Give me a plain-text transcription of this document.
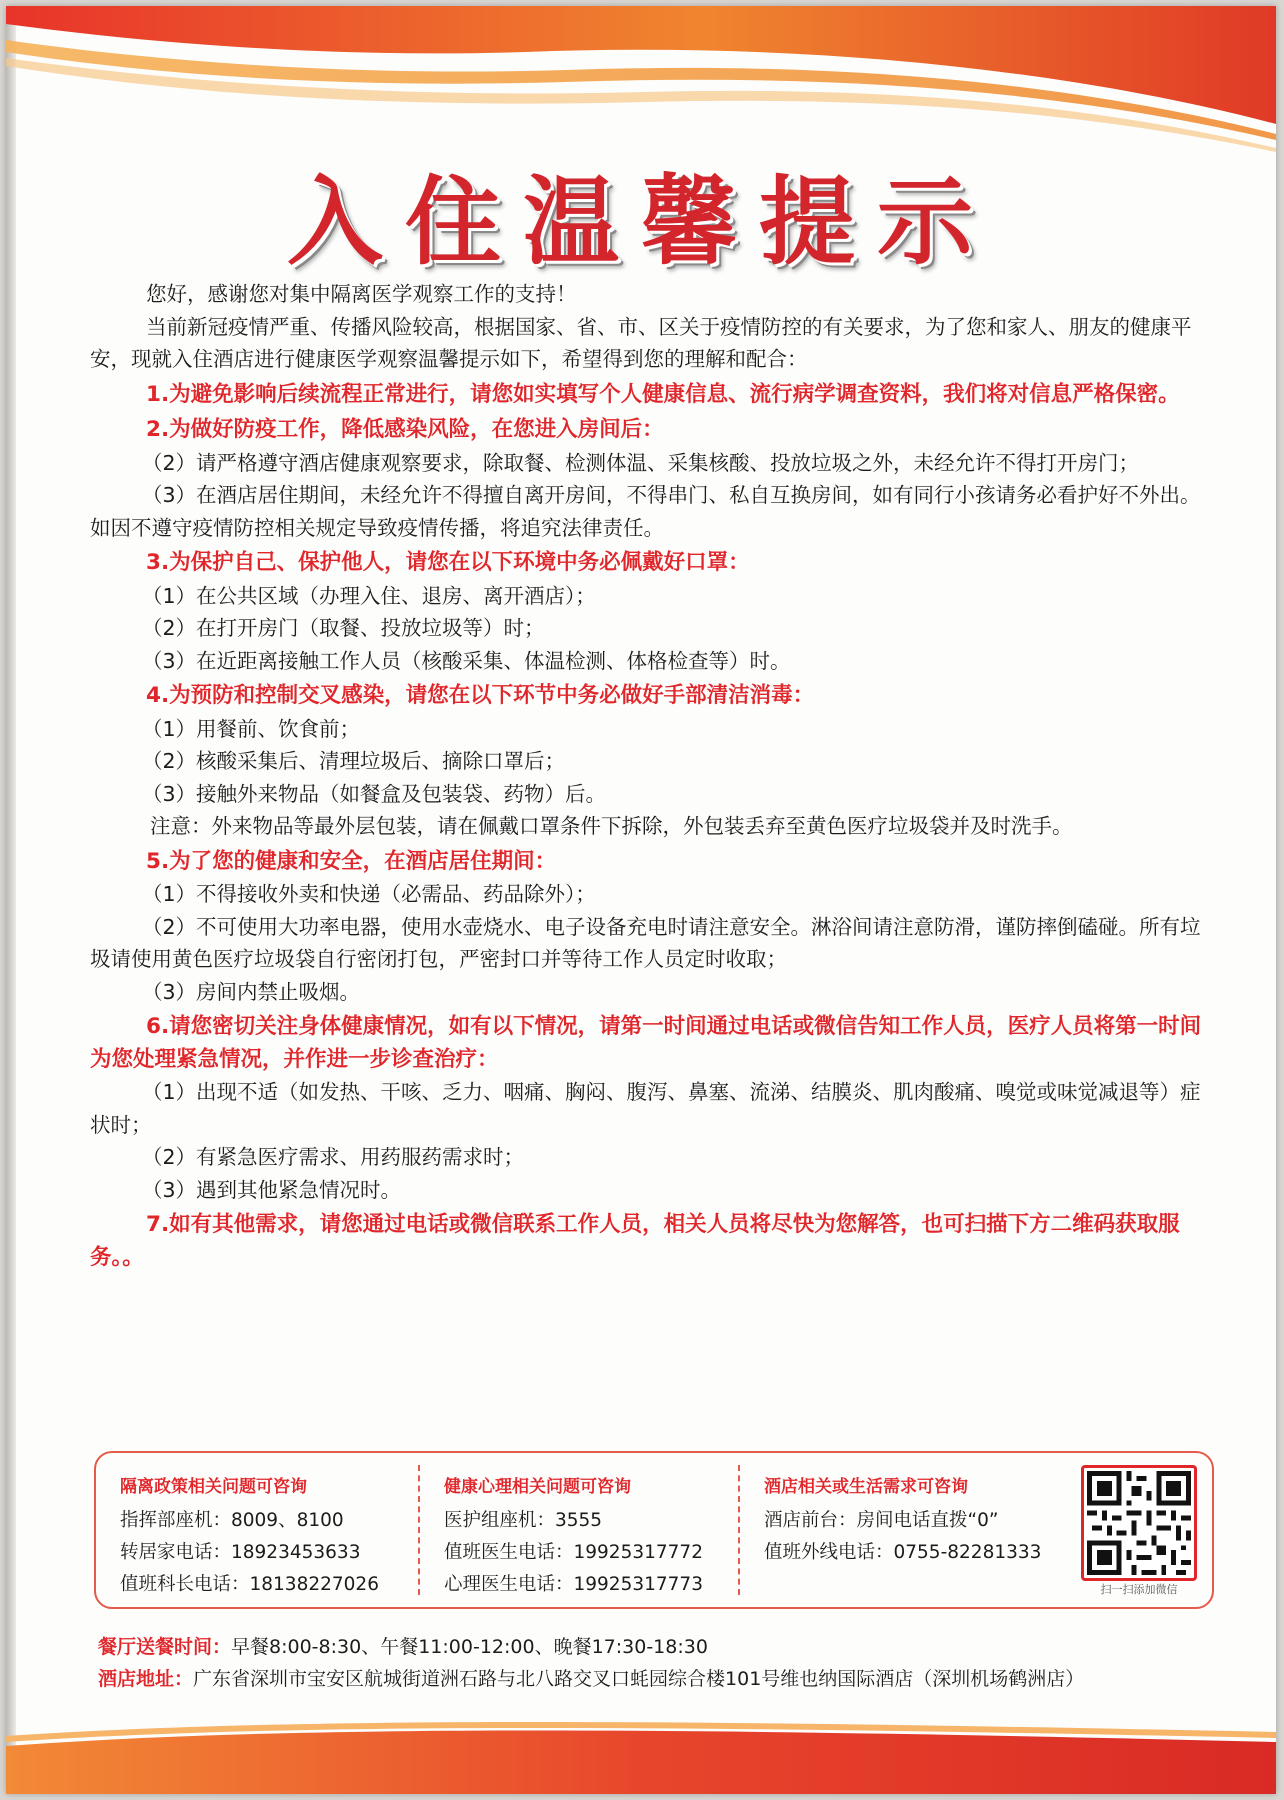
入住温馨提示

您好，感谢您对集中隔离医学观察工作的支持！

当前新冠疫情严重、传播风险较高，根据国家、省、市、区关于疫情防控的有关要求，为了您和家人、朋友的健康平安，现就入住酒店进行健康医学观察温馨提示如下，希望得到您的理解和配合：

1.为避免影响后续流程正常进行，请您如实填写个人健康信息、流行病学调查资料，我们将对信息严格保密。

2.为做好防疫工作，降低感染风险，在您进入房间后：

（2）请严格遵守酒店健康观察要求，除取餐、检测体温、采集核酸、投放垃圾之外，未经允许不得打开房门；

（3）在酒店居住期间，未经允许不得擅自离开房间，不得串门、私自互换房间，如有同行小孩请务必看护好不外出。如因不遵守疫情防控相关规定导致疫情传播，将追究法律责任。

3.为保护自己、保护他人，请您在以下环境中务必佩戴好口罩：

（1）在公共区域（办理入住、退房、离开酒店）；

（2）在打开房门（取餐、投放垃圾等）时；

（3）在近距离接触工作人员（核酸采集、体温检测、体格检查等）时。

4.为预防和控制交叉感染，请您在以下环节中务必做好手部清洁消毒：

（1）用餐前、饮食前；

（2）核酸采集后、清理垃圾后、摘除口罩后；

（3）接触外来物品（如餐盒及包装袋、药物）后。

注意：外来物品等最外层包装，请在佩戴口罩条件下拆除，外包装丢弃至黄色医疗垃圾袋并及时洗手。

5.为了您的健康和安全，在酒店居住期间：

（1）不得接收外卖和快递（必需品、药品除外）；

（2）不可使用大功率电器，使用水壶烧水、电子设备充电时请注意安全。淋浴间请注意防滑，谨防摔倒磕碰。所有垃圾请使用黄色医疗垃圾袋自行密闭打包，严密封口并等待工作人员定时收取；

（3）房间内禁止吸烟。

6.请您密切关注身体健康情况，如有以下情况，请第一时间通过电话或微信告知工作人员，医疗人员将第一时间为您处理紧急情况，并作进一步诊查治疗：

（1）出现不适（如发热、干咳、乏力、咽痛、胸闷、腹泻、鼻塞、流涕、结膜炎、肌肉酸痛、嗅觉或味觉减退等）症状时；

（2）有紧急医疗需求、用药服药需求时；

（3）遇到其他紧急情况时。

7.如有其他需求，请您通过电话或微信联系工作人员，相关人员将尽快为您解答，也可扫描下方二维码获取服务。。

隔离政策相关问题可咨询
指挥部座机：8009、8100
转居家电话：18923453633
值班科长电话：18138227026
健康心理相关问题可咨询
医护组座机：3555
值班医生电话：19925317772
心理医生电话：19925317773
酒店相关或生活需求可咨询
酒店前台：房间电话直拨“0”
值班外线电话：0755-82281333
扫一扫添加微信
餐厅送餐时间：早餐8:00-8:30、午餐11:00-12:00、晚餐17:30-18:30
酒店地址：广东省深圳市宝安区航城街道洲石路与北八路交叉口蚝园综合楼101号维也纳国际酒店（深圳机场鹤洲店）
